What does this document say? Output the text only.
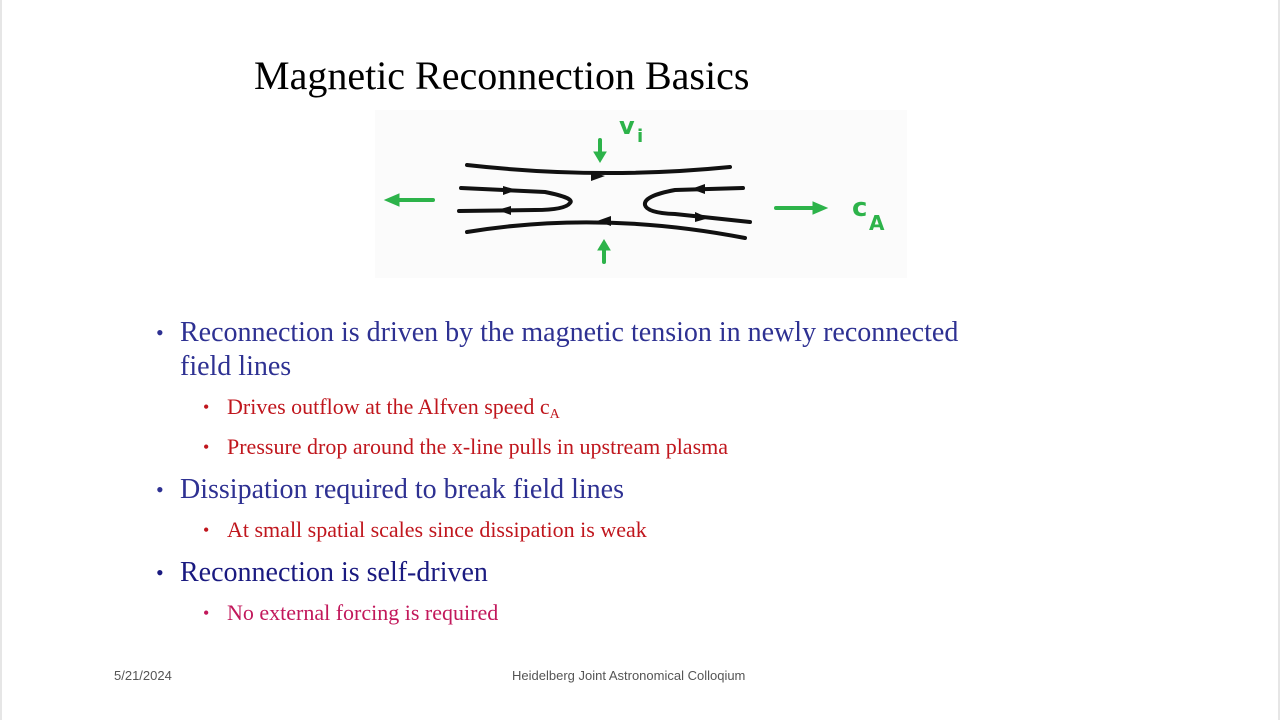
Magnetic Reconnection Basics
v i
c A
• Reconnection is driven by the magnetic tension in newly reconnected
field lines
• Drives outflow at the Alfven speed $c_A$
• Pressure drop around the x-line pulls in upstream plasma
• Dissipation required to break field lines
• At small spatial scales since dissipation is weak
• Reconnection is self-driven
• No external forcing is required
5/21/2024	Heidelberg Joint Astronomical Colloqium
